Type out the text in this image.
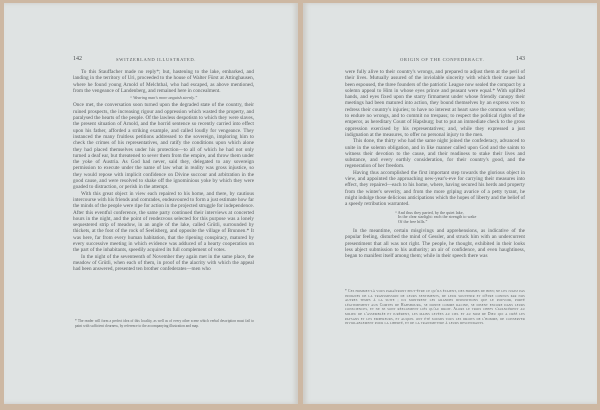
142	SWITZERLAND ILLUSTRATED.

To this Stauffacher made no reply*; but, hastening to the lake, embarked, and landing in the territory of Uri, proceeded to the house of Walter Fürst at Attinghausen, where he found young Arnold of Melchthal, who had escaped, as above mentioned, from the vengeance of Landenberg, and remained here in concealment.

“ Wearing man's more anguish sternly.”

Once met, the conversation soon turned upon the degraded state of the country, their ruined prospects, the increasing rigour and oppression which wasted the property, and paralysed the hearts of the people. Of the lawless despotism to which they were slaves, the present situation of Arnold, and the horrid sentence so recently carried into effect upon his father, afforded a striking example, and called loudly for vengeance. They instanced the many fruitless petitions addressed to the sovereign, imploring him to check the crimes of his representatives, and ratify the conditions upon which alone they had placed themselves under his protection—to all of which he had not only turned a deaf ear, but threatened to sever them from the empire, and throw them under the yoke of Austria. As God had never, said they, delegated to any sovereign permission to execute under the name of law what in reality was gross injustice, so they would repose with implicit confidence on Divine succour and arbitration in the good cause, and were resolved to shake off the ignominious yoke by which they were goaded to distraction, or perish in the attempt.

With this great object in view each repaired to his home, and there, by cautious intercourse with his friends and comrades, endeavoured to form a just estimate how far the minds of the people were ripe for action in the projected struggle for independence. After this eventful conference, the same party continued their interviews at concerted hours in the night, and the point of rendezvous selected for this purpose was a lonely sequestered strip of meadow, in an angle of the lake, called Grütli, surrounded by thickets, at the foot of the rock of Seelisberg, and opposite the village of Brunnen.* It was here, far from every human habitation, that the ripening conspiracy, matured by every successive meeting in which evidence was adduced of a hearty cooperation on the part of the inhabitants, speedily acquired its full complement of votes.

In the night of the seventeenth of November they again met in the same place, the meadow of Grütli, when each of them, in proof of the alacrity with which the appeal had been answered, presented ten brother confederates—men who

* The reader will form a perfect idea of this locality, as well as of every other scene which verbal description must fail to paint with sufficient clearness, by reference to the accompanying illustration and map.
ORIGIN OF THE CONFEDERACY.	143

were fully alive to their country's wrongs, and prepared to adjust them at the peril of their lives. Mutually assured of the inviolable sincerity with which their cause had been espoused, the three founders of the patriotic League now sealed the compact by a solemn appeal to Him in whose eyes prince and peasant were equal.* With uplifted hands, and eyes fixed upon the starry firmament under whose friendly canopy their meetings had been matured into action, they bound themselves by an express vow to redress their country's injuries; to have no interest at heart save the common welfare; to endure no wrongs, and to commit no trespass; to respect the political rights of the emperor, as hereditary Count of Hapsburg; but to put an immediate check to the gross oppression exercised by his representatives; and, while they expressed a just indignation at the measures, to offer no personal injury to the men.

This done, the thirty who had the same night joined the confederacy, advanced to unite in the solemn obligation, and in like manner called upon God and the saints to witness their devotion to the cause, and their readiness to stake their lives and substance, and every earthly consideration, for their country's good, and the regeneration of her freedom.

Having thus accomplished the first important step towards the glorious object in view, and appointed the approaching new-year's-eve for carrying their measures into effect, they repaired—each to his home, where, having secured his herds and property from the winter's severity, and from the more griping avarice of a petty tyrant, he might indulge those delicious anticipations which the hopes of liberty and the belief of a speedy retribution warranted.

“ And thus they parted, by the quiet lake,
In the clear starlight: each the strength to wake
Of the free hills.”

In the meantime, certain misgivings and apprehensions, as indicative of the popular feeling, disturbed the mind of Gessler, and struck him with an undercurrent presentiment that all was not right. The people, he thought, exhibited in their looks less abject submission to his authority; an air of confidence, and even haughtiness, began to manifest itself among them; while in their speech there was

* Ces hommes-là vous paraîtront peut-être ce qu'ils étaient, des hommes de bien; ne les jugez pas indignes de la transmission de leurs sentiments, de leur souvenir et d'être connus par nos autres temps à la suite ; ils montrent les grandes dispositions que le pouvoir, porté légitimement aux Comtes de Habsbourg, se donne comme racine, se disent encore dans leurs consciences, et ne se sont réellement liés qu'au droit. Alors le trois chefs s'avancèrent au milieu de l'assemblée et jurèrent, les mains levées au ciel et au nom de Dieu qui a créé les paysans et les empereurs, et auquel ont été soumis tous les droits de l'homme, de conserver inviolablement pour la liberté, et de la transmettre à leurs descendants.
